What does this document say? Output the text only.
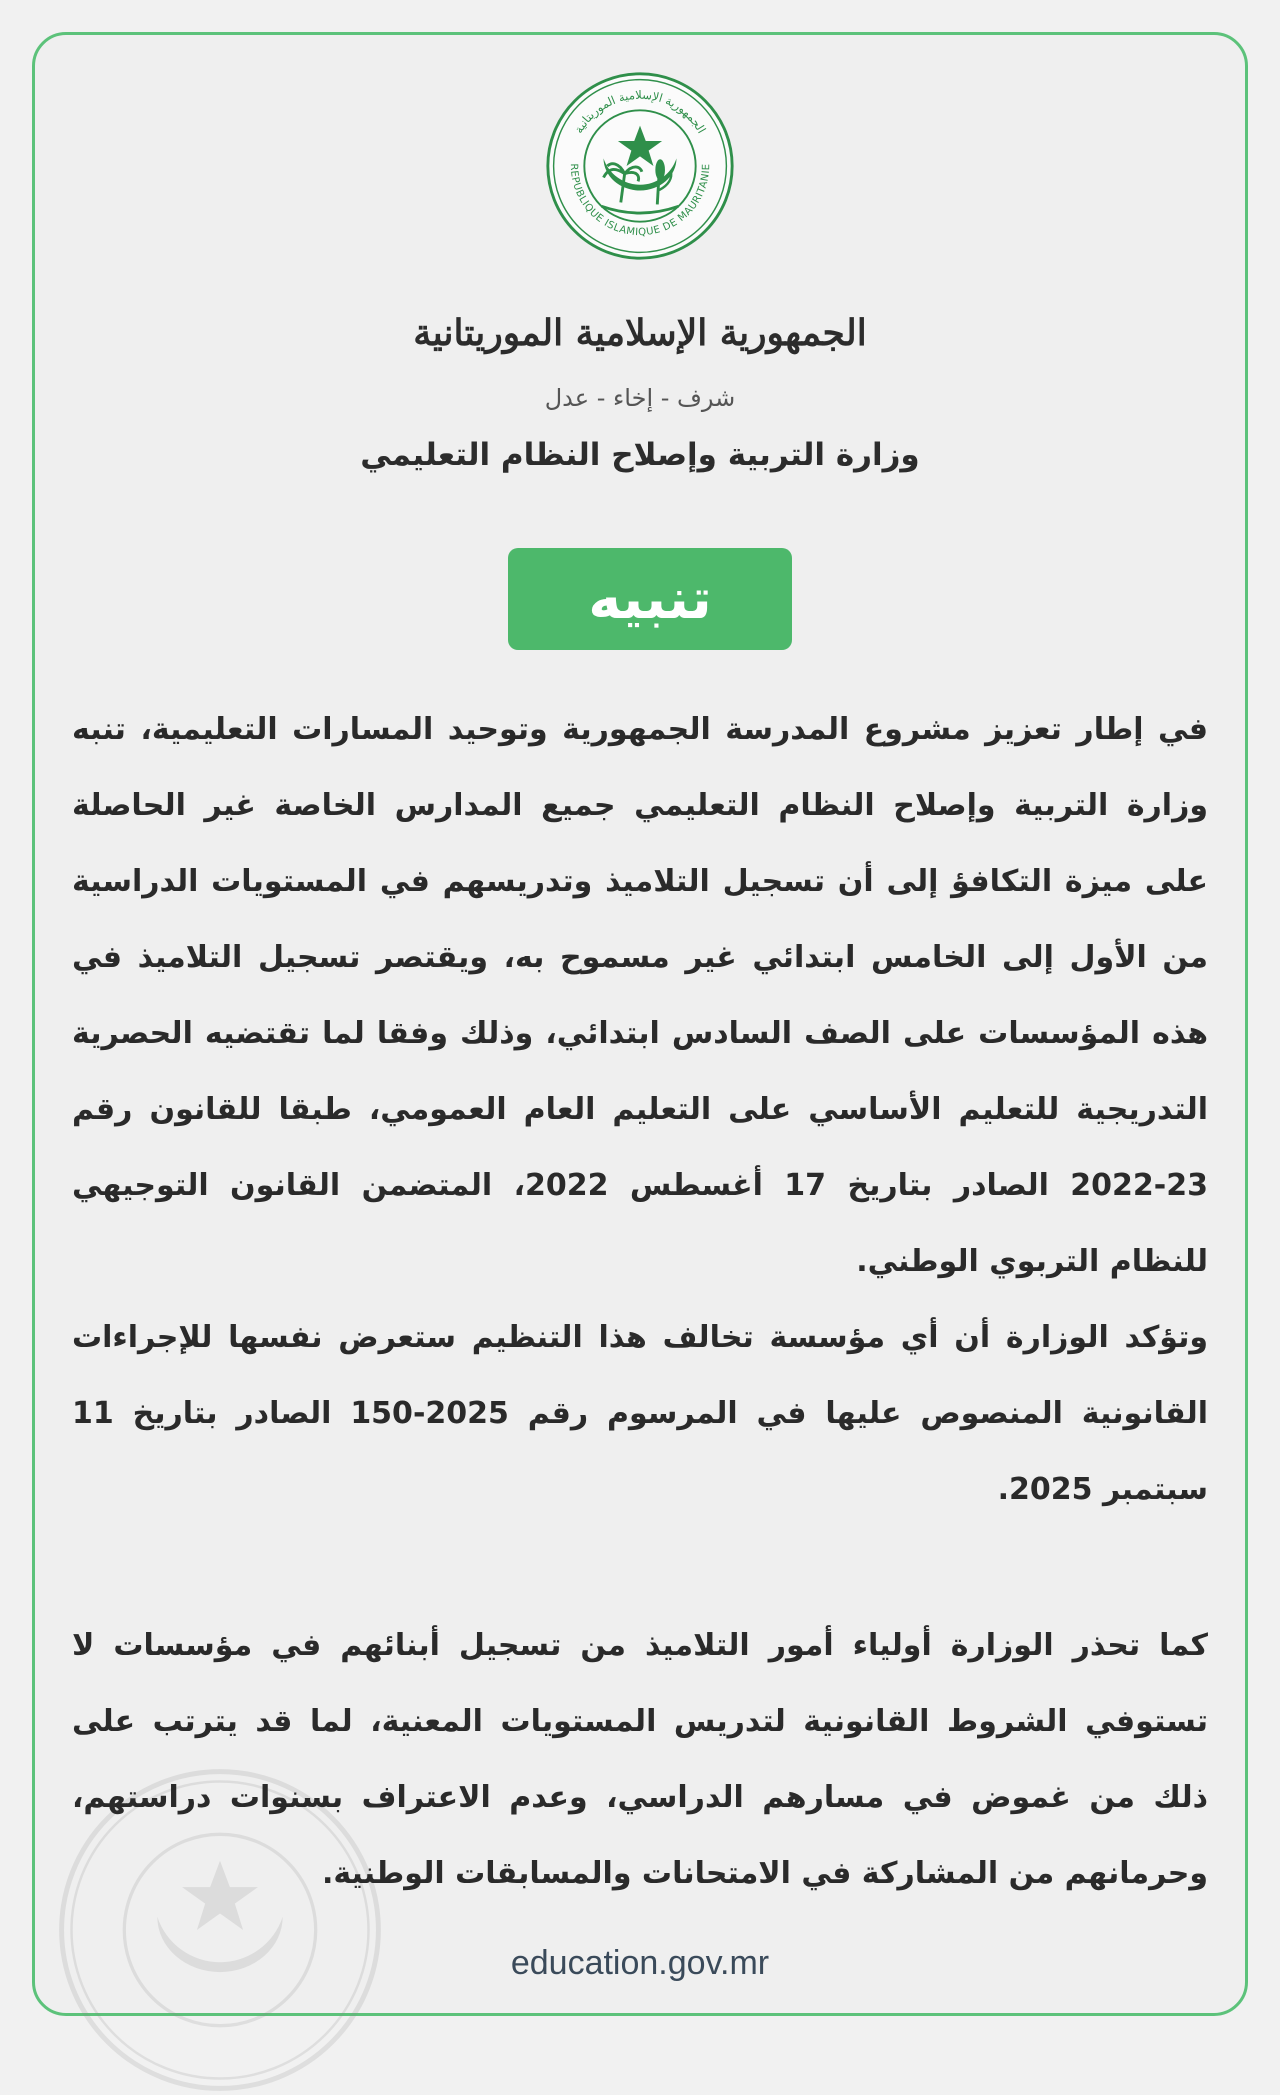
الجمهورية الإسلامية الموريتانية
REPUBLIQUE ISLAMIQUE DE MAURITANIE
الجمهورية الإسلامية الموريتانية
شرف - إخاء - عدل
وزارة التربية وإصلاح النظام التعليمي
تنبيه
في إطار تعزيز مشروع المدرسة الجمهورية وتوحيد المسارات التعليمية، تنبه وزارة التربية وإصلاح النظام التعليمي جميع المدارس الخاصة غير الحاصلة على ميزة التكافؤ إلى أن تسجيل التلاميذ وتدريسهم في المستويات الدراسية من الأول إلى الخامس ابتدائي غير مسموح به، ويقتصر تسجيل التلاميذ في هذه المؤسسات على الصف السادس ابتدائي، وذلك وفقا لما تقتضيه الحصرية التدريجية للتعليم الأساسي على التعليم العام العمومي، طبقا للقانون رقم 23-2022 الصادر بتاريخ 17 أغسطس 2022، المتضمن القانون التوجيهي للنظام التربوي الوطني.
وتؤكد الوزارة أن أي مؤسسة تخالف هذا التنظيم ستعرض نفسها للإجراءات القانونية المنصوص عليها في المرسوم رقم 2025-150 الصادر بتاريخ 11 سبتمبر 2025.
كما تحذر الوزارة أولياء أمور التلاميذ من تسجيل أبنائهم في مؤسسات لا تستوفي الشروط القانونية لتدريس المستويات المعنية، لما قد يترتب على ذلك من غموض في مسارهم الدراسي، وعدم الاعتراف بسنوات دراستهم، وحرمانهم من المشاركة في الامتحانات والمسابقات الوطنية.
education.gov.mr
